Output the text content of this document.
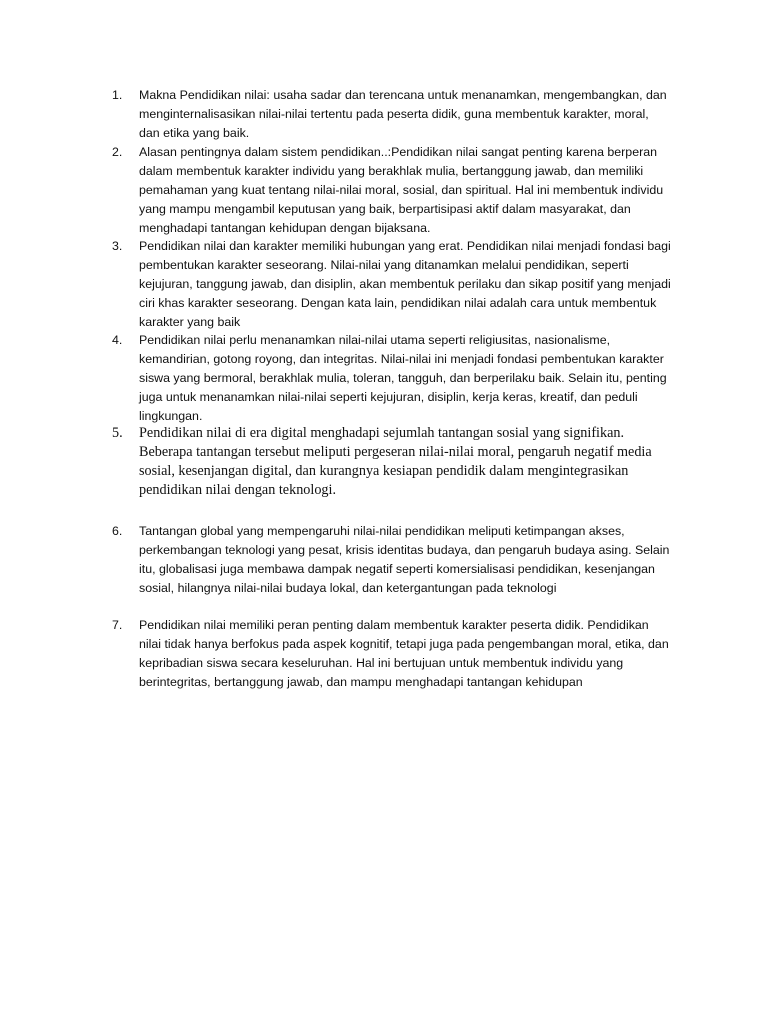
1.	Makna Pendidikan nilai: usaha sadar dan terencana untuk menanamkan, mengembangkan, dan menginternalisasikan nilai-nilai tertentu pada peserta didik, guna membentuk karakter, moral, dan etika yang baik.
2.	Alasan pentingnya dalam sistem pendidikan..:Pendidikan nilai sangat penting karena berperan dalam membentuk karakter individu yang berakhlak mulia, bertanggung jawab, dan memiliki pemahaman yang kuat tentang nilai-nilai moral, sosial, dan spiritual. Hal ini membentuk individu yang mampu mengambil keputusan yang baik, berpartisipasi aktif dalam masyarakat, dan menghadapi tantangan kehidupan dengan bijaksana.
3.	Pendidikan nilai dan karakter memiliki hubungan yang erat. Pendidikan nilai menjadi fondasi bagi pembentukan karakter seseorang. Nilai-nilai yang ditanamkan melalui pendidikan, seperti kejujuran, tanggung jawab, dan disiplin, akan membentuk perilaku dan sikap positif yang menjadi ciri khas karakter seseorang. Dengan kata lain, pendidikan nilai adalah cara untuk membentuk karakter yang baik
4.	Pendidikan nilai perlu menanamkan nilai-nilai utama seperti religiusitas, nasionalisme, kemandirian, gotong royong, dan integritas. Nilai-nilai ini menjadi fondasi pembentukan karakter siswa yang bermoral, berakhlak mulia, toleran, tangguh, dan berperilaku baik. Selain itu, penting juga untuk menanamkan nilai-nilai seperti kejujuran, disiplin, kerja keras, kreatif, dan peduli lingkungan.
5.	Pendidikan nilai di era digital menghadapi sejumlah tantangan sosial yang signifikan. Beberapa tantangan tersebut meliputi pergeseran nilai-nilai moral, pengaruh negatif media sosial, kesenjangan digital, dan kurangnya kesiapan pendidik dalam mengintegrasikan pendidikan nilai dengan teknologi.
6.	Tantangan global yang mempengaruhi nilai-nilai pendidikan meliputi ketimpangan akses, perkembangan teknologi yang pesat, krisis identitas budaya, dan pengaruh budaya asing. Selain itu, globalisasi juga membawa dampak negatif seperti komersialisasi pendidikan, kesenjangan sosial, hilangnya nilai-nilai budaya lokal, dan ketergantungan pada teknologi
7.	Pendidikan nilai memiliki peran penting dalam membentuk karakter peserta didik. Pendidikan nilai tidak hanya berfokus pada aspek kognitif, tetapi juga pada pengembangan moral, etika, dan kepribadian siswa secara keseluruhan. Hal ini bertujuan untuk membentuk individu yang berintegritas, bertanggung jawab, dan mampu menghadapi tantangan kehidupan
